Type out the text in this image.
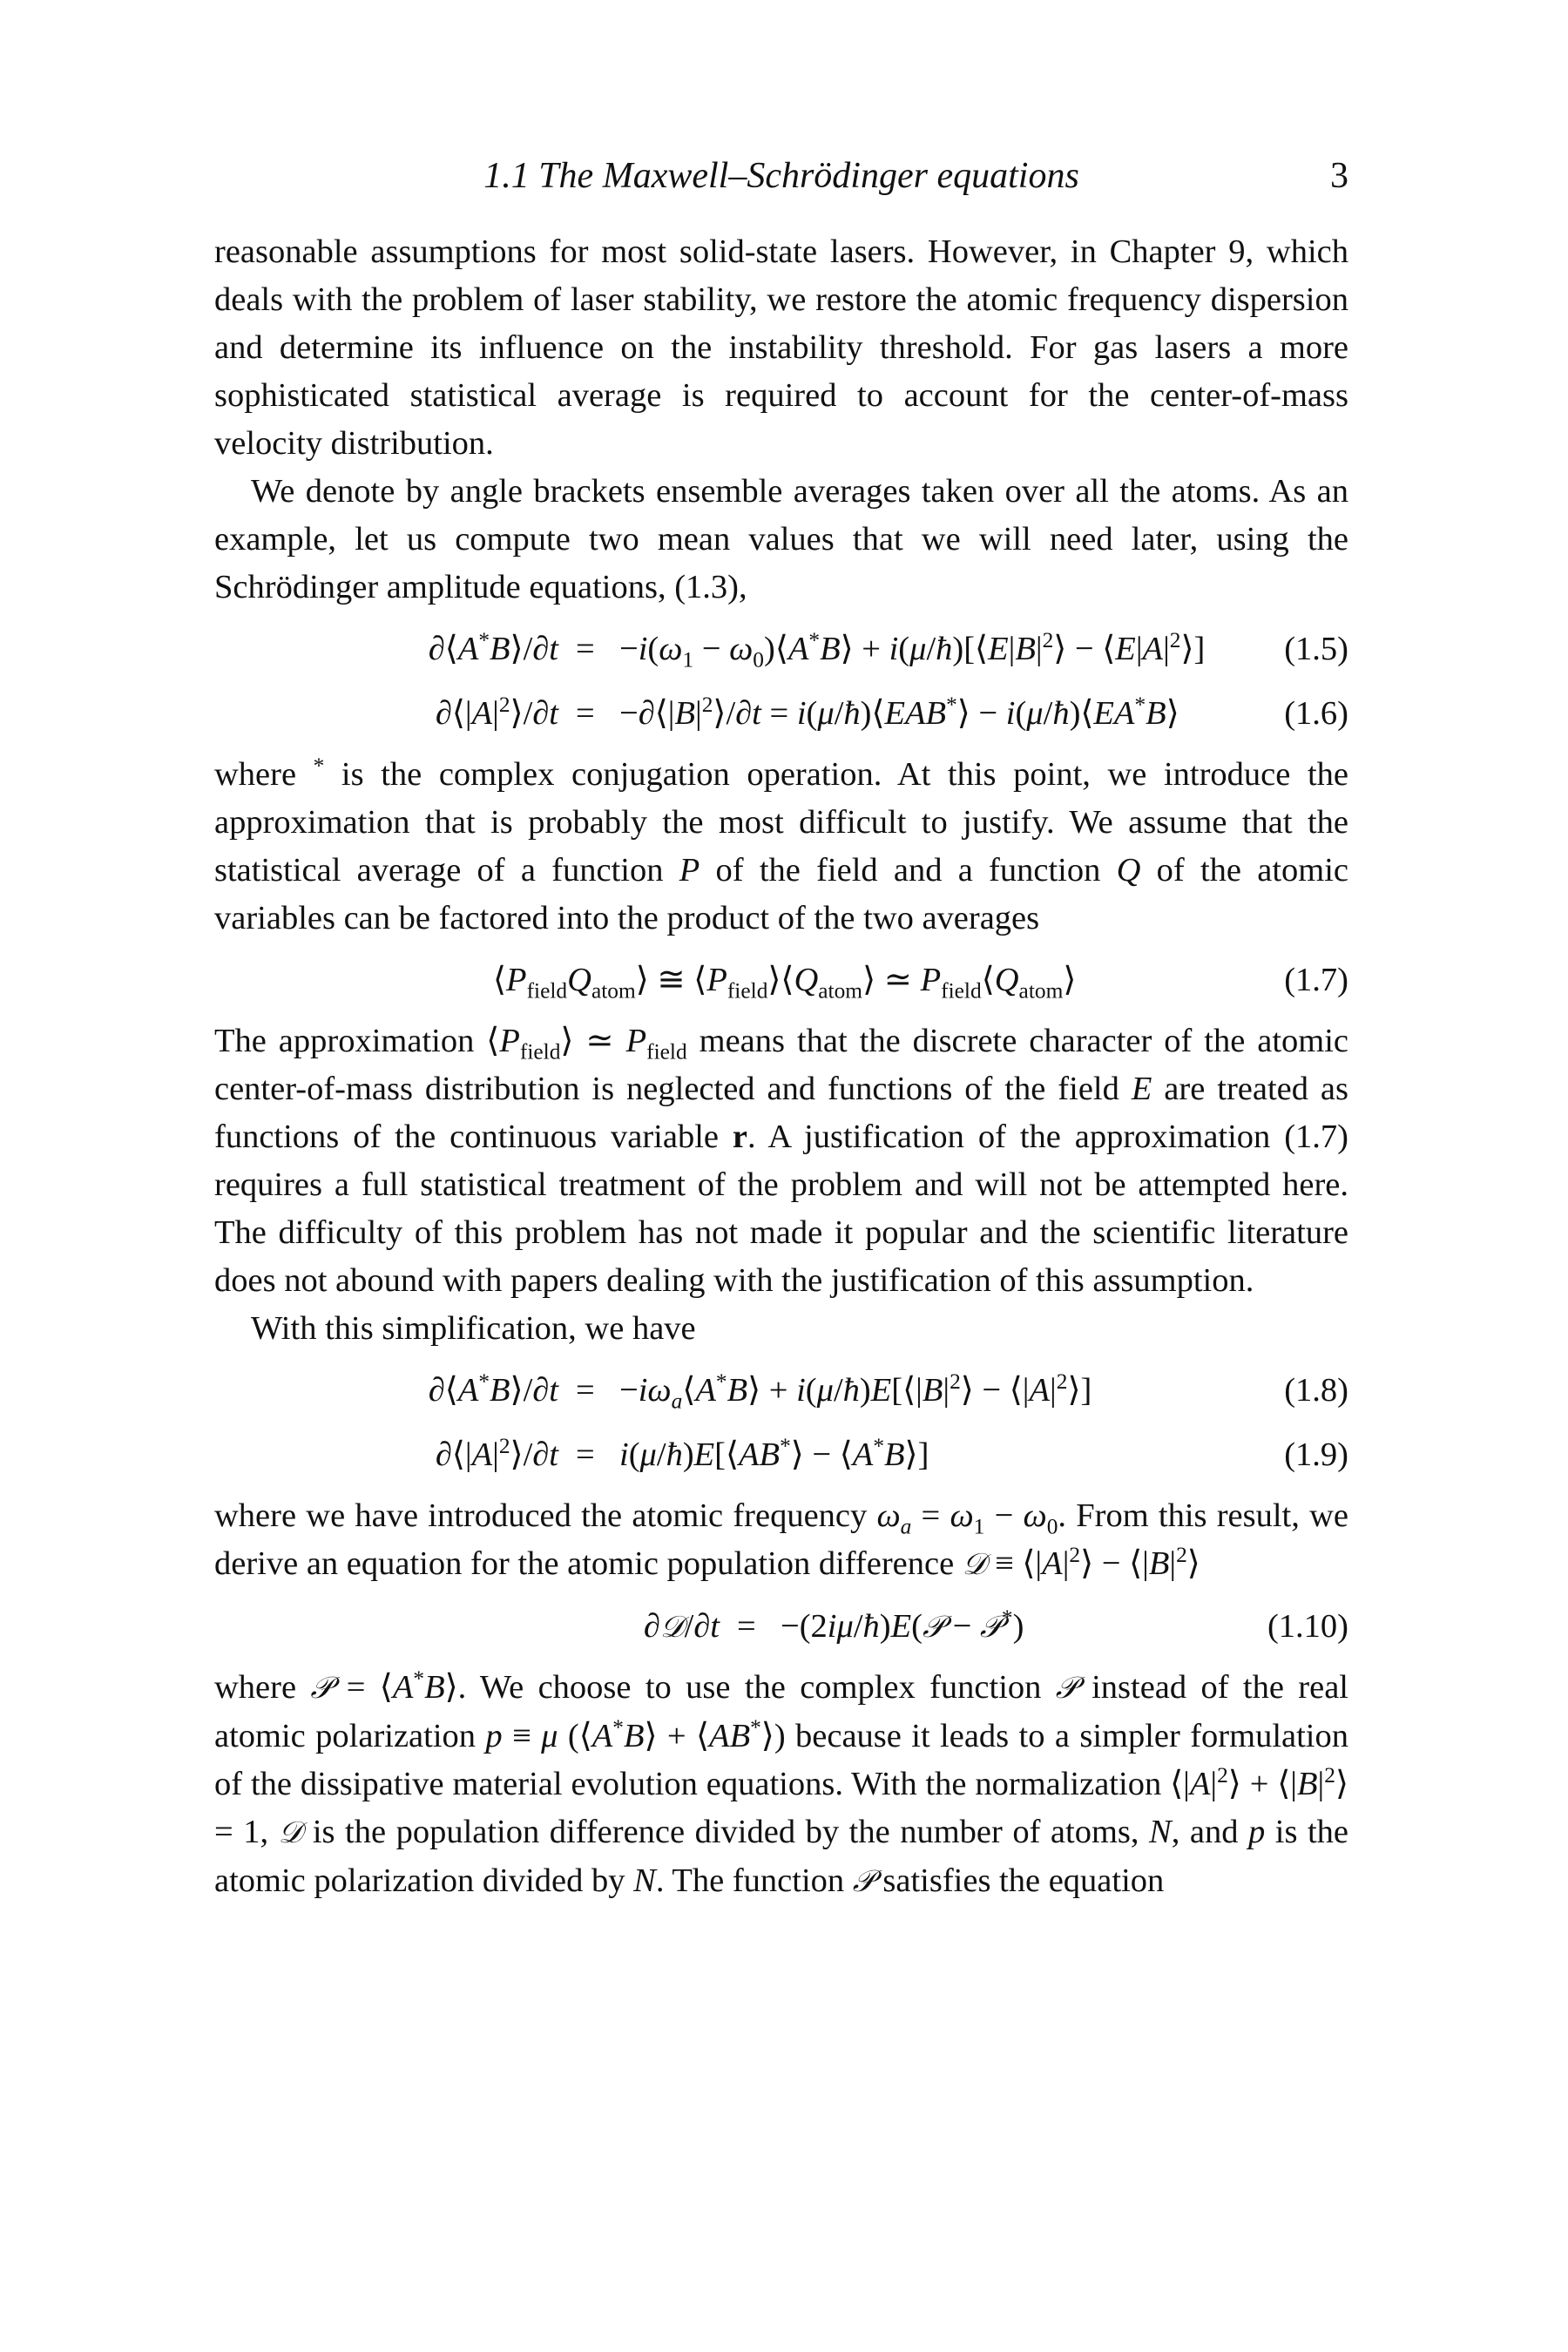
1.1 The Maxwell–Schrödinger equations	3

reasonable assumptions for most solid-state lasers. However, in Chapter 9, which deals with the problem of laser stability, we restore the atomic frequency dispersion and determine its influence on the instability threshold. For gas lasers a more sophisticated statistical average is required to account for the center-of-mass velocity distribution.

We denote by angle brackets ensemble averages taken over all the atoms. As an example, let us compute two mean values that we will need later, using the Schrödinger amplitude equations, (1.3),

∂⟨A*B⟩/∂t = $-i(\omega_1$ − $\omega_0)⟨A^*B⟩$ + $i(\mu/ħ)[⟨E|B|^2⟩$ − $⟨E|A|^2⟩$] (1.5)
$\partial⟨|A|^2⟩/\partial t$ = $-\partial⟨|B|^2⟩/\partial t$ = i(μ/ħ)⟨EAB*⟩ − i(μ/ħ)⟨EA*B⟩	(1.6)

where * is the complex conjugation operation. At this point, we introduce the approximation that is probably the most difficult to justify. We assume that the statistical average of a function P of the field and a function Q of the atomic variables can be factored into the product of the two averages

$⟨P_{field}Q_{atom}⟩$ ≅ $⟨P_{field}⟩⟨Q_{atom}⟩$ ≃ $P_{field}⟨Q_{atom}⟩$	(1.7)

The approximation $⟨P_{field}⟩$ ≃ $P_{field}$ means that the discrete character of the atomic center-of-mass distribution is neglected and functions of the field E are treated as functions of the continuous variable r. A justification of the approximation (1.7) requires a full statistical treatment of the problem and will not be attempted here. The difficulty of this problem has not made it popular and the scientific literature does not abound with papers dealing with the justification of this assumption.

With this simplification, we have

∂⟨A*B⟩/∂t = $-i\omega_a⟨A^*B⟩$ + $i(\mu/ħ)E[⟨|B|^2⟩$ − $⟨|A|^2⟩$]	(1.8)
$\partial⟨|A|^2⟩/\partial t$ = i(μ/ħ)E[⟨AB*⟩ − ⟨A*B⟩]	(1.9)

where we have introduced the atomic frequency $\omega_a = \omega_1 - \omega_0$. From this result, we derive an equation for the atomic population difference 𝒟 ≡ $⟨|A|^2⟩$ − $⟨|B|^2⟩$

∂𝒟/∂t = −(2iμ/ħ)E(𝒫 − 𝒫*)	(1.10)

where 𝒫 = ⟨A*B⟩. We choose to use the complex function 𝒫 instead of the real atomic polarization p ≡ μ (⟨A*B⟩ + ⟨AB*⟩) because it leads to a simpler formulation of the dissipative material evolution equations. With the normalization $⟨|A|^2⟩$ + $⟨|B|^2⟩ = 1$, 𝒟 is the population difference divided by the number of atoms, N, and p is the atomic polarization divided by N. The function 𝒫 satisfies the equation
